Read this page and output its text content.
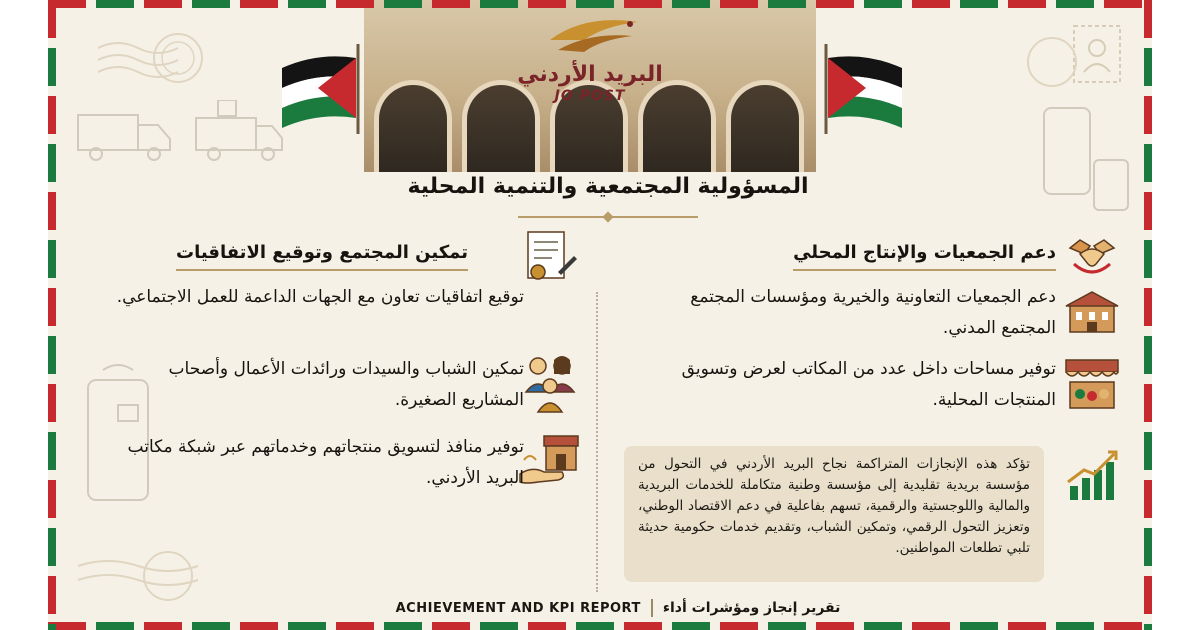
البريد الأردني
JO POST
المسؤولية المجتمعية والتنمية المحلية
دعم الجمعيات والإنتاج المحلي
دعم الجمعيات التعاونية والخيرية ومؤسسات المجتمع المجتمع المدني.
توفير مساحات داخل عدد من المكاتب لعرض وتسويق المنتجات المحلية.
تؤكد هذه الإنجازات المتراكمة نجاح البريد الأردني في التحول من مؤسسة بريدية تقليدية إلى مؤسسة وطنية متكاملة للخدمات البريدية والمالية واللوجستية والرقمية، تسهم بفاعلية في دعم الاقتصاد الوطني، وتعزيز التحول الرقمي، وتمكين الشباب، وتقديم خدمات حكومية حديثة تلبي تطلعات المواطنين.
تمكين المجتمع وتوقيع الاتفاقيات
توقيع اتفاقيات تعاون مع الجهات الداعمة للعمل الاجتماعي.
تمكين الشباب والسيدات ورائدات الأعمال وأصحاب المشاريع الصغيرة.
توفير منافذ لتسويق منتجاتهم وخدماتهم عبر شبكة مكاتب البريد الأردني.
تقرير إنجاز ومؤشرات أداء
ACHIEVEMENT AND KPI REPORT
